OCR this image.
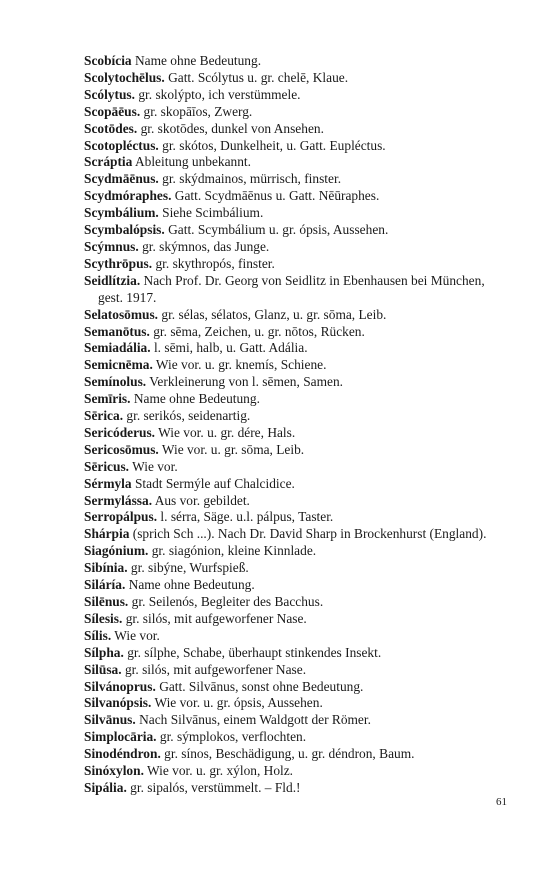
Scobícia Name ohne Bedeutung.

Scolytochēlus. Gatt. Scólytus u. gr. chelē, Klaue.

Scólytus. gr. skolýpto, ich verstümmele.

Scopāēus. gr. skopāīos, Zwerg.

Scotōdes. gr. skotōdes, dunkel von Ansehen.

Scotopléctus. gr. skótos, Dunkelheit, u. Gatt. Eupléctus.

Scráptia Ableitung unbekannt.

Scydmāēnus. gr. skýdmainos, mürrisch, finster.

Scydmóraphes. Gatt. Scydmāēnus u. Gatt. Nēūraphes.

Scymbálium. Siehe Scimbálium.

Scymbalópsis. Gatt. Scymbálium u. gr. ópsis, Aussehen.

Scýmnus. gr. skýmnos, das Junge.

Scythrōpus. gr. skythropós, finster.

Seidlítzia. Nach Prof. Dr. Georg von Seidlitz in Ebenhausen bei München, gest. 1917.

Selatosōmus. gr. sélas, sélatos, Glanz, u. gr. sōma, Leib.

Semanōtus. gr. sēma, Zeichen, u. gr. nōtos, Rücken.

Semiadália. l. sēmi, halb, u. Gatt. Adália.

Semicnēma. Wie vor. u. gr. knemís, Schiene.

Semínolus. Verkleinerung von l. sēmen, Samen.

Semīris. Name ohne Bedeutung.

Sērica. gr. serikós, seidenartig.

Sericóderus. Wie vor. u. gr. dére, Hals.

Sericosōmus. Wie vor. u. gr. sōma, Leib.

Sēricus. Wie vor.

Sérmyla Stadt Sermýle auf Chalcidice.

Sermylássa. Aus vor. gebildet.

Serropálpus. l. sérra, Säge. u.l. pálpus, Taster.

Shárpia (sprich Sch ...). Nach Dr. David Sharp in Brockenhurst (England).

Siagónium. gr. siagónion, kleine Kinnlade.

Sibínia. gr. sibýne, Wurfspieß.

Siláría. Name ohne Bedeutung.

Silēnus. gr. Seilenós, Begleiter des Bacchus.

Sílesis. gr. silós, mit aufgeworfener Nase.

Sílis. Wie vor.

Sílpha. gr. sílphe, Schabe, überhaupt stinkendes Insekt.

Silūsa. gr. silós, mit aufgeworfener Nase.

Silvánoprus. Gatt. Silvānus, sonst ohne Bedeutung.

Silvanópsis. Wie vor. u. gr. ópsis, Aussehen.

Silvānus. Nach Silvānus, einem Waldgott der Römer.

Simplocāria. gr. sýmplokos, verflochten.

Sinodéndron. gr. sínos, Beschädigung, u. gr. déndron, Baum.

Sinóxylon. Wie vor. u. gr. xýlon, Holz.

Sipália. gr. sipalós, verstümmelt. – Fld.!

61
